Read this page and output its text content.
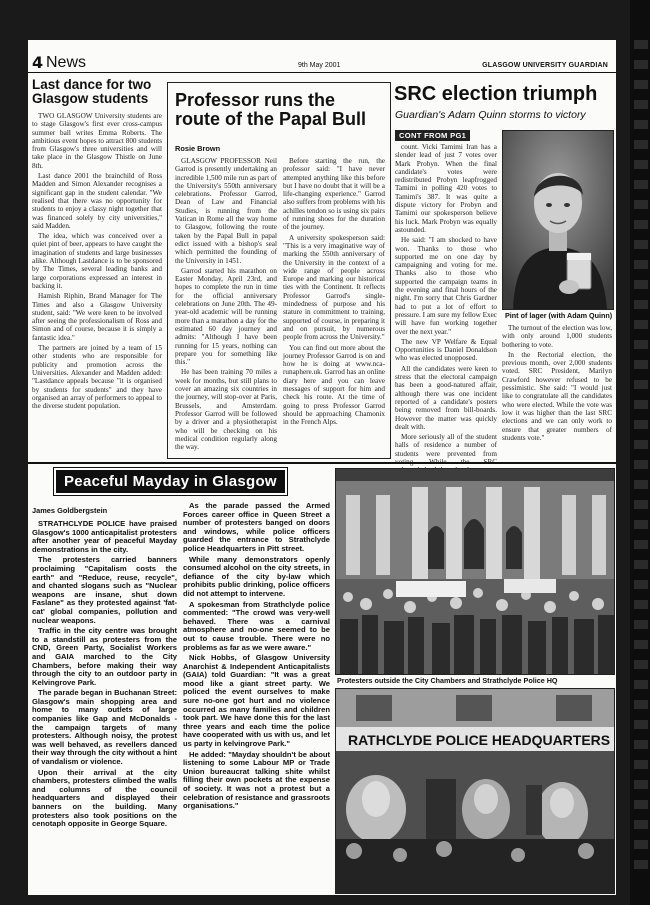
4 News	9th May 2001	GLASGOW UNIVERSITY GUARDIAN
Last dance for two Glasgow students

TWO GLASGOW University students are to stage Glasgow's first ever cross-campus summer ball writes Emma Roberts. The ambitious event hopes to attract 800 students from Glasgow's three universities and will take place in the Glasgow Thistle on June 8th.

Last dance 2001 the brainchild of Ross Madden and Simon Alexander recognises a significant gap in the student calendar. "We realised that there was no opportunity for students to enjoy a classy night together that was financed solely by city universities," said Madden.

The idea, which was conceived over a quiet pint of beer, appears to have caught the imagination of students and large businesses alike. Although Lastdance is to be sponsored by The Times, several leading banks and large corporations expressed an interest in backing it.

Hamish Riphin, Brand Manager for The Times and also a Glasgow University student, said: "We were keen to be involved after seeing the professionalism of Ross and Simon and of course, because it is simply a fantastic idea."

The partners are joined by a team of 15 other students who are responsible for publicity and promotion across the Universities. Alexander and Madden added: "Lastdance appeals because "it is organised by students for students" and they have organised an array of performers to appeal to the diverse student population.

Professor runs the route of the Papal Bull
Rosie Brown

GLASGOW PROFESSOR Neil Garrod is presently undertaking an incredible 1,500 mile run as part of the University's 550th anniversary celebrations. Professor Garrod, Dean of Law and Financial Studies, is running from the Vatican in Rome all the way home to Glasgow, following the route taken by the Papal Bull in papal edict issued with a bishop's seal which permitted the founding of the University in 1451.

Garrod started his marathon on Easter Monday, April 23rd, and hopes to complete the run in time for the official anniversary celebrations on June 20th. The 49-year-old academic will be running more than a marathon a day for the estimated 60 day journey and admits: "Although I have been running for 15 years, nothing can prepare you for something like this."

He has been training 70 miles a week for months, but still plans to cover an amazing six countries in the journey, will stop-over at Paris, Brussels, and Amsterdam. Professor Garrod will be followed by a driver and a physiotherapist who will be checking on his medical condition regularly along the way.

Before starting the run, the professor said: "I have never attempted anything like this before but I have no doubt that it will be a life-changing experience." Garrod also suffers from problems with his achilles tendon so is using six pairs of running shoes for the duration of the journey.

A university spokesperson said: "This is a very imaginative way of marking the 550th anniversary of the University in the context of a wide range of people across Europe and marking our historical ties with the Continent. It reflects Professor Garrod's single-mindedness of purpose and his stature in commitment to training, supported of course, in preparing it and on pursuit, by numerous people from across the University."

You can find out more about the journey Professor Garrod is on and how he is doing at www.nca-runaphere.uk. Garrod has an online diary here and you can leave messages of support for him and check his route. At the time of going to press Professor Garrod should be approaching Chamonix in the French Alps.

SRC election triumph
Guardian's Adam Quinn storms to victory
CONT FROM PG1

count. Vicki Tamimi Iran has a slender lead of just 7 votes over Mark Probyn. When the final candidate's votes were redistributed Probyn leapfrogged Tamimi in polling 420 votes to Tamimi's 387. It was quite a dispute victory for Probyn and Tamimi our spokesperson believe his luck. Mark Probyn was equally astounded.

He said: "I am shocked to have won. Thanks to those who supported me on one day by campaigning and voting for me. Thanks also to those who supported the campaign teams in the evening and final hours of the night. I'm sorry that Chris Gardner had to put a lot of effort to pressure. I am sure my fellow Exec will have fun working together over the next year."

The new VP Welfare & Equal Opportunities is Daniel Donaldson who was elected unopposed.

All the candidates were keen to stress that the electoral campaign has been a good-natured affair, although there was one incident reported of a candidate's posters being removed from bill-boards. However the matter was quickly dealt with.

More seriously all of the student halls of residence a number of students were prevented from

Pint of lager (with Adam Quinn)

The turnout of the election was low, with only around 1,000 students bothering to vote.

In the Rectorial election, the previous month, over 2,000 students voted. SRC President, Marilyn Crawford however refused to be pessimistic. She said: "I would just like to congratulate all the candidates who were elected. While the vote was low it was higher than the last SRC elections and we can only work to ensure that greater numbers of students vote."

Peaceful Mayday in Glasgow
James Goldbergstein

STRATHCLYDE POLICE have praised Glasgow's 1000 anticapitalist protesters after another year of peaceful Mayday demonstrations in the city.

The protesters carried banners proclaiming "Capitalism costs the earth" and "Reduce, reuse, recycle", and chanted slogans such as "Nuclear weapons are insane, shut down Faslane" as they protested against 'fat-cat' global companies, pollution and nuclear weapons.

Traffic in the city centre was brought to a standstill as protesters from the CND, Green Party, Socialist Workers and GAIA marched to the City Chambers, before making their way through the city to an outdoor party in Kelvingrove Park.

The parade began in Buchanan Street: Glasgow's main shopping area and home to many outlets of large companies like Gap and McDonalds - the campaign targets of many protesters. Although noisy, the protest was well behaved, as revellers danced their way through the city without a hint of vandalism or violence.

Upon their arrival at the city chambers, protesters climbed the walls and columns of the council headquarters and displayed their banners on the building. Many protesters also took positions on the cenotaph opposite in George Square.

As the parade passed the Armed Forces career office in Queen Street a number of protesters banged on doors and windows, while police officers guarded the entrance to Strathclyde police Headquarters in Pitt street.

While many demonstrators openly consumed alcohol on the city streets, in defiance of the city by-law which prohibits public drinking, police officers did not attempt to intervene.

A spokesman from Strathclyde police commented: "The crowd was very-well behaved. There was a carnival atmosphere and no-one seemed to be out to cause trouble. There were no problems as far as we were aware."

Nick Hobbs, of Glasgow University Anarchist & Independent Anticapitalists (GAIA) told Guardian: "It was a great mood like a giant street party. We policed the event ourselves to make sure no-one got hurt and no violence occurred as many families and children took part. We have done this for the last three years and each time the police have cooperated with us with us, and let us party in kelvingrove Park."

He added: "Mayday shouldn't be about listening to some Labour MP or Trade Union bureaucrat talking shite whilst filling their own pockets at the expense of society. It was not a protest but a celebration of resistance and grassroots organisations."

Protesters outside the City Chambers and Strathclyde Police HQ
RATHCLYDE POLICE HEADQUARTERS
